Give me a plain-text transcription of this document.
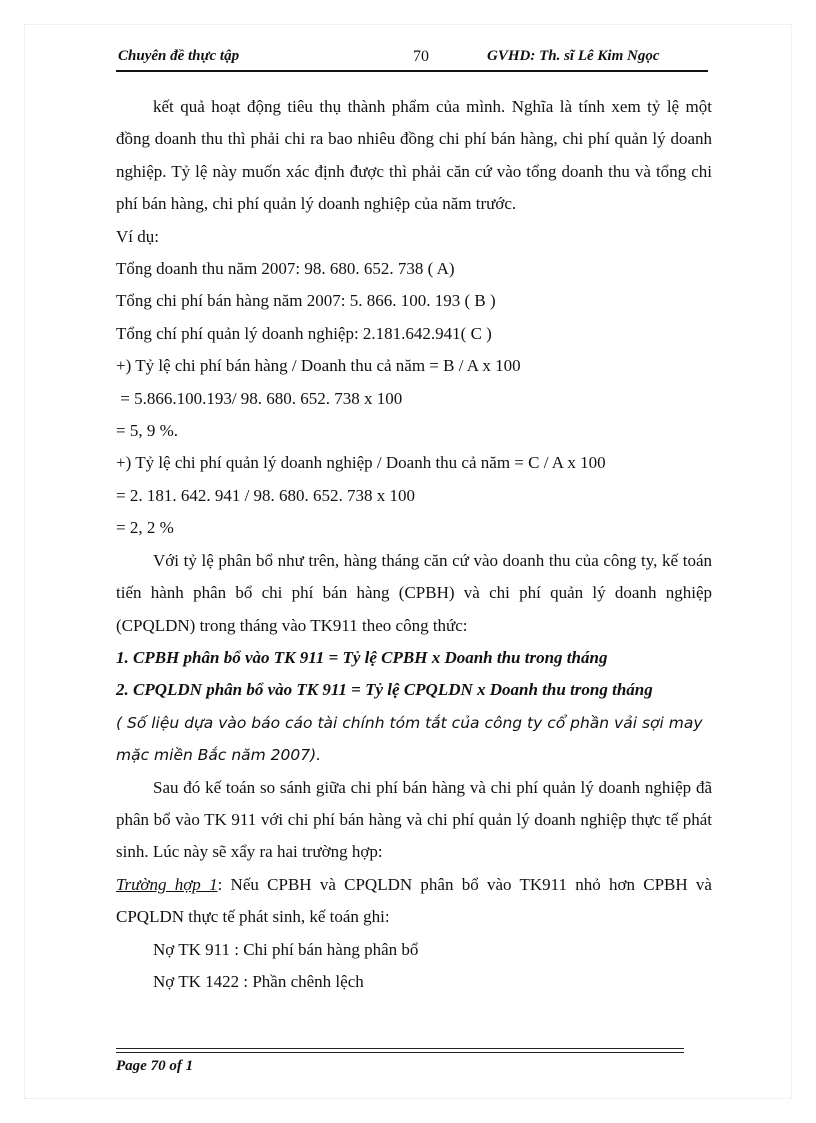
Chuyên đề thực tập	70	GVHD: Th. sĩ Lê Kim Ngọc

kết quả hoạt động tiêu thụ thành phẩm của mình. Nghĩa là tính xem tỷ lệ một đồng doanh thu thì phải chi ra bao nhiêu đồng chi phí bán hàng, chi phí quản lý doanh nghiệp. Tỷ lệ này muốn xác định được thì phải căn cứ vào tổng doanh thu và tổng chi phí bán hàng, chi phí quản lý doanh nghiệp của năm trước.

Ví dụ:

Tổng doanh thu năm 2007: 98. 680. 652. 738 ( A)

Tổng chi phí bán hàng năm 2007: 5. 866. 100. 193 ( B )

Tổng chí phí quản lý doanh nghiệp: 2.181.642.941( C )

+) Tỷ lệ chi phí bán hàng / Doanh thu cả năm = B / A x 100

= 5.866.100.193/ 98. 680. 652. 738 x 100

= 5, 9 %.

+) Tỷ lệ chi phí quản lý doanh nghiệp / Doanh thu cả năm = C / A x 100

= 2. 181. 642. 941 / 98. 680. 652. 738 x 100

= 2, 2 %

Với tỷ lệ phân bổ như trên, hàng tháng căn cứ vào doanh thu của công ty, kế toán tiến hành phân bổ chi phí bán hàng (CPBH) và chi phí quản lý doanh nghiệp (CPQLDN) trong tháng vào TK911 theo công thức:

1. CPBH phân bổ vào TK 911 = Tỷ lệ CPBH x Doanh thu trong tháng

2. CPQLDN phân bổ vào TK 911 = Tỷ lệ CPQLDN x Doanh thu trong tháng

( Số liệu dựa vào báo cáo tài chính tóm tắt của công ty cổ phần vải sợi may mặc miền Bắc năm 2007).

Sau đó kế toán so sánh giữa chi phí bán hàng và chi phí quản lý doanh nghiệp đã phân bổ vào TK 911 với chi phí bán hàng và chi phí quản lý doanh nghiệp thực tế phát sinh. Lúc này sẽ xẩy ra hai trường hợp:

Trường hợp 1: Nếu CPBH và CPQLDN phân bổ vào TK911 nhỏ hơn CPBH và CPQLDN thực tế phát sinh, kế toán ghi:

Nợ TK 911 : Chi phí bán hàng phân bổ

Nợ TK 1422 : Phần chênh lệch

Page 70 of 1
